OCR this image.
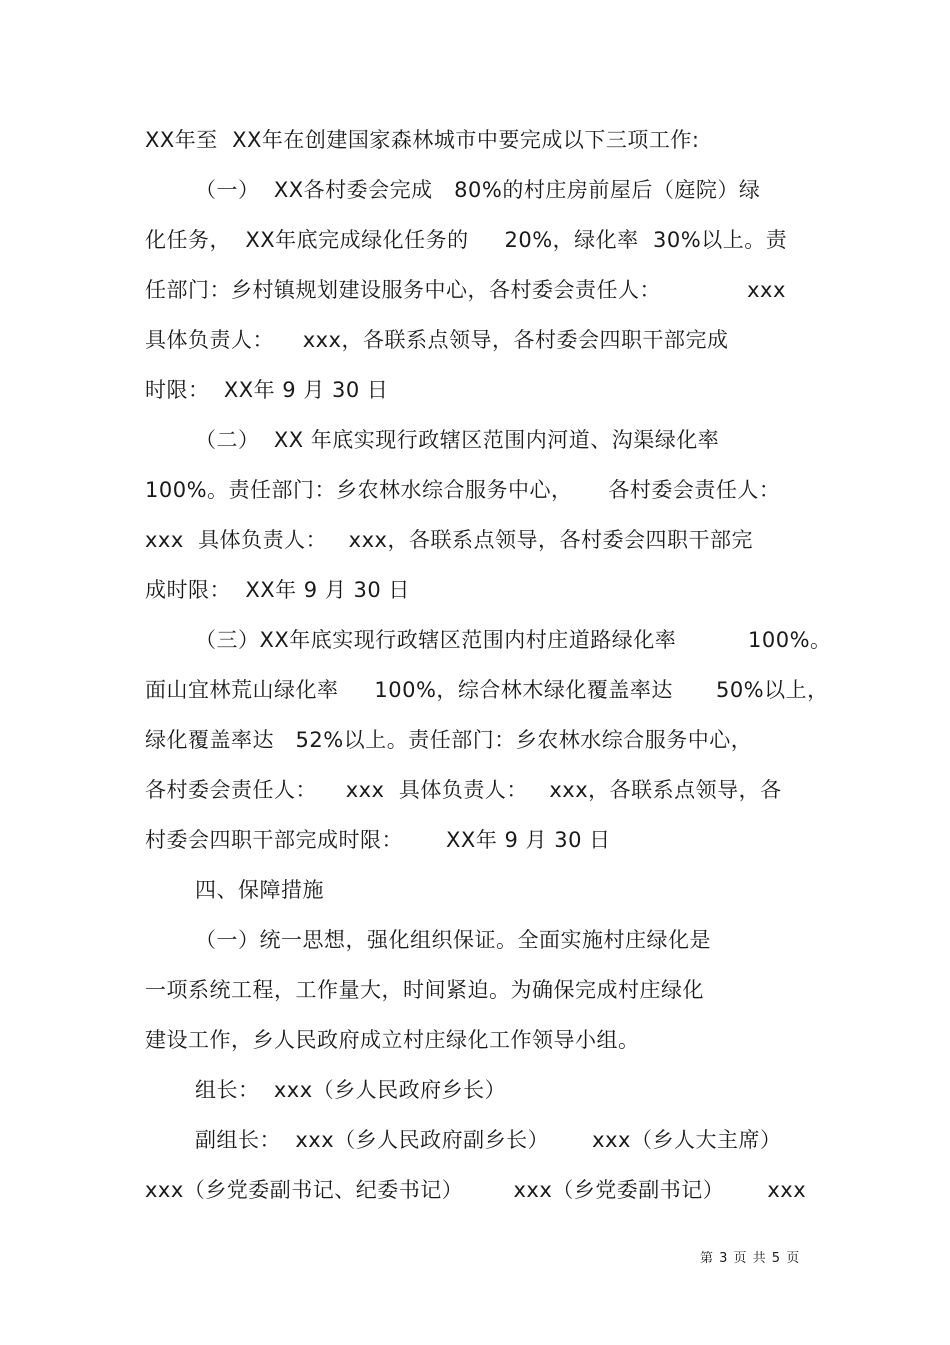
XX年至  XX年在创建国家森林城市中要完成以下三项工作:
（一）  XX各村委会完成   80%的村庄房前屋后（庭院）绿
化任务，  XX年底完成绿化任务的     20%，绿化率  30%以上。责
任部门：乡村镇规划建设服务中心，各村委会责任人：            xxx
具体负责人：    xxx，各联系点领导，各村委会四职干部完成
时限：  XX年 9 月 30 日
（二）  XX 年底实现行政辖区范围内河道、沟渠绿化率
100%。责任部门：乡农林水综合服务中心，     各村委会责任人：
xxx  具体负责人：   xxx，各联系点领导，各村委会四职干部完
成时限：  XX年 9 月 30 日
（三）XX年底实现行政辖区范围内村庄道路绿化率          100%。
面山宜林荒山绿化率     100%，综合林木绿化覆盖率达      50%以上，
绿化覆盖率达   52%以上。责任部门：乡农林水综合服务中心，
各村委会责任人：    xxx  具体负责人：   xxx，各联系点领导，各
村委会四职干部完成时限：      XX年 9 月 30 日
四、保障措施
（一）统一思想，强化组织保证。全面实施村庄绿化是
一项系统工程，工作量大，时间紧迫。为确保完成村庄绿化
建设工作，乡人民政府成立村庄绿化工作领导小组。
组长：  xxx（乡人民政府乡长）
副组长：  xxx（乡人民政府副乡长）      xxx（乡人大主席）
xxx（乡党委副书记、纪委书记）       xxx（乡党委副书记）      xxx
第 3 页 共 5 页
